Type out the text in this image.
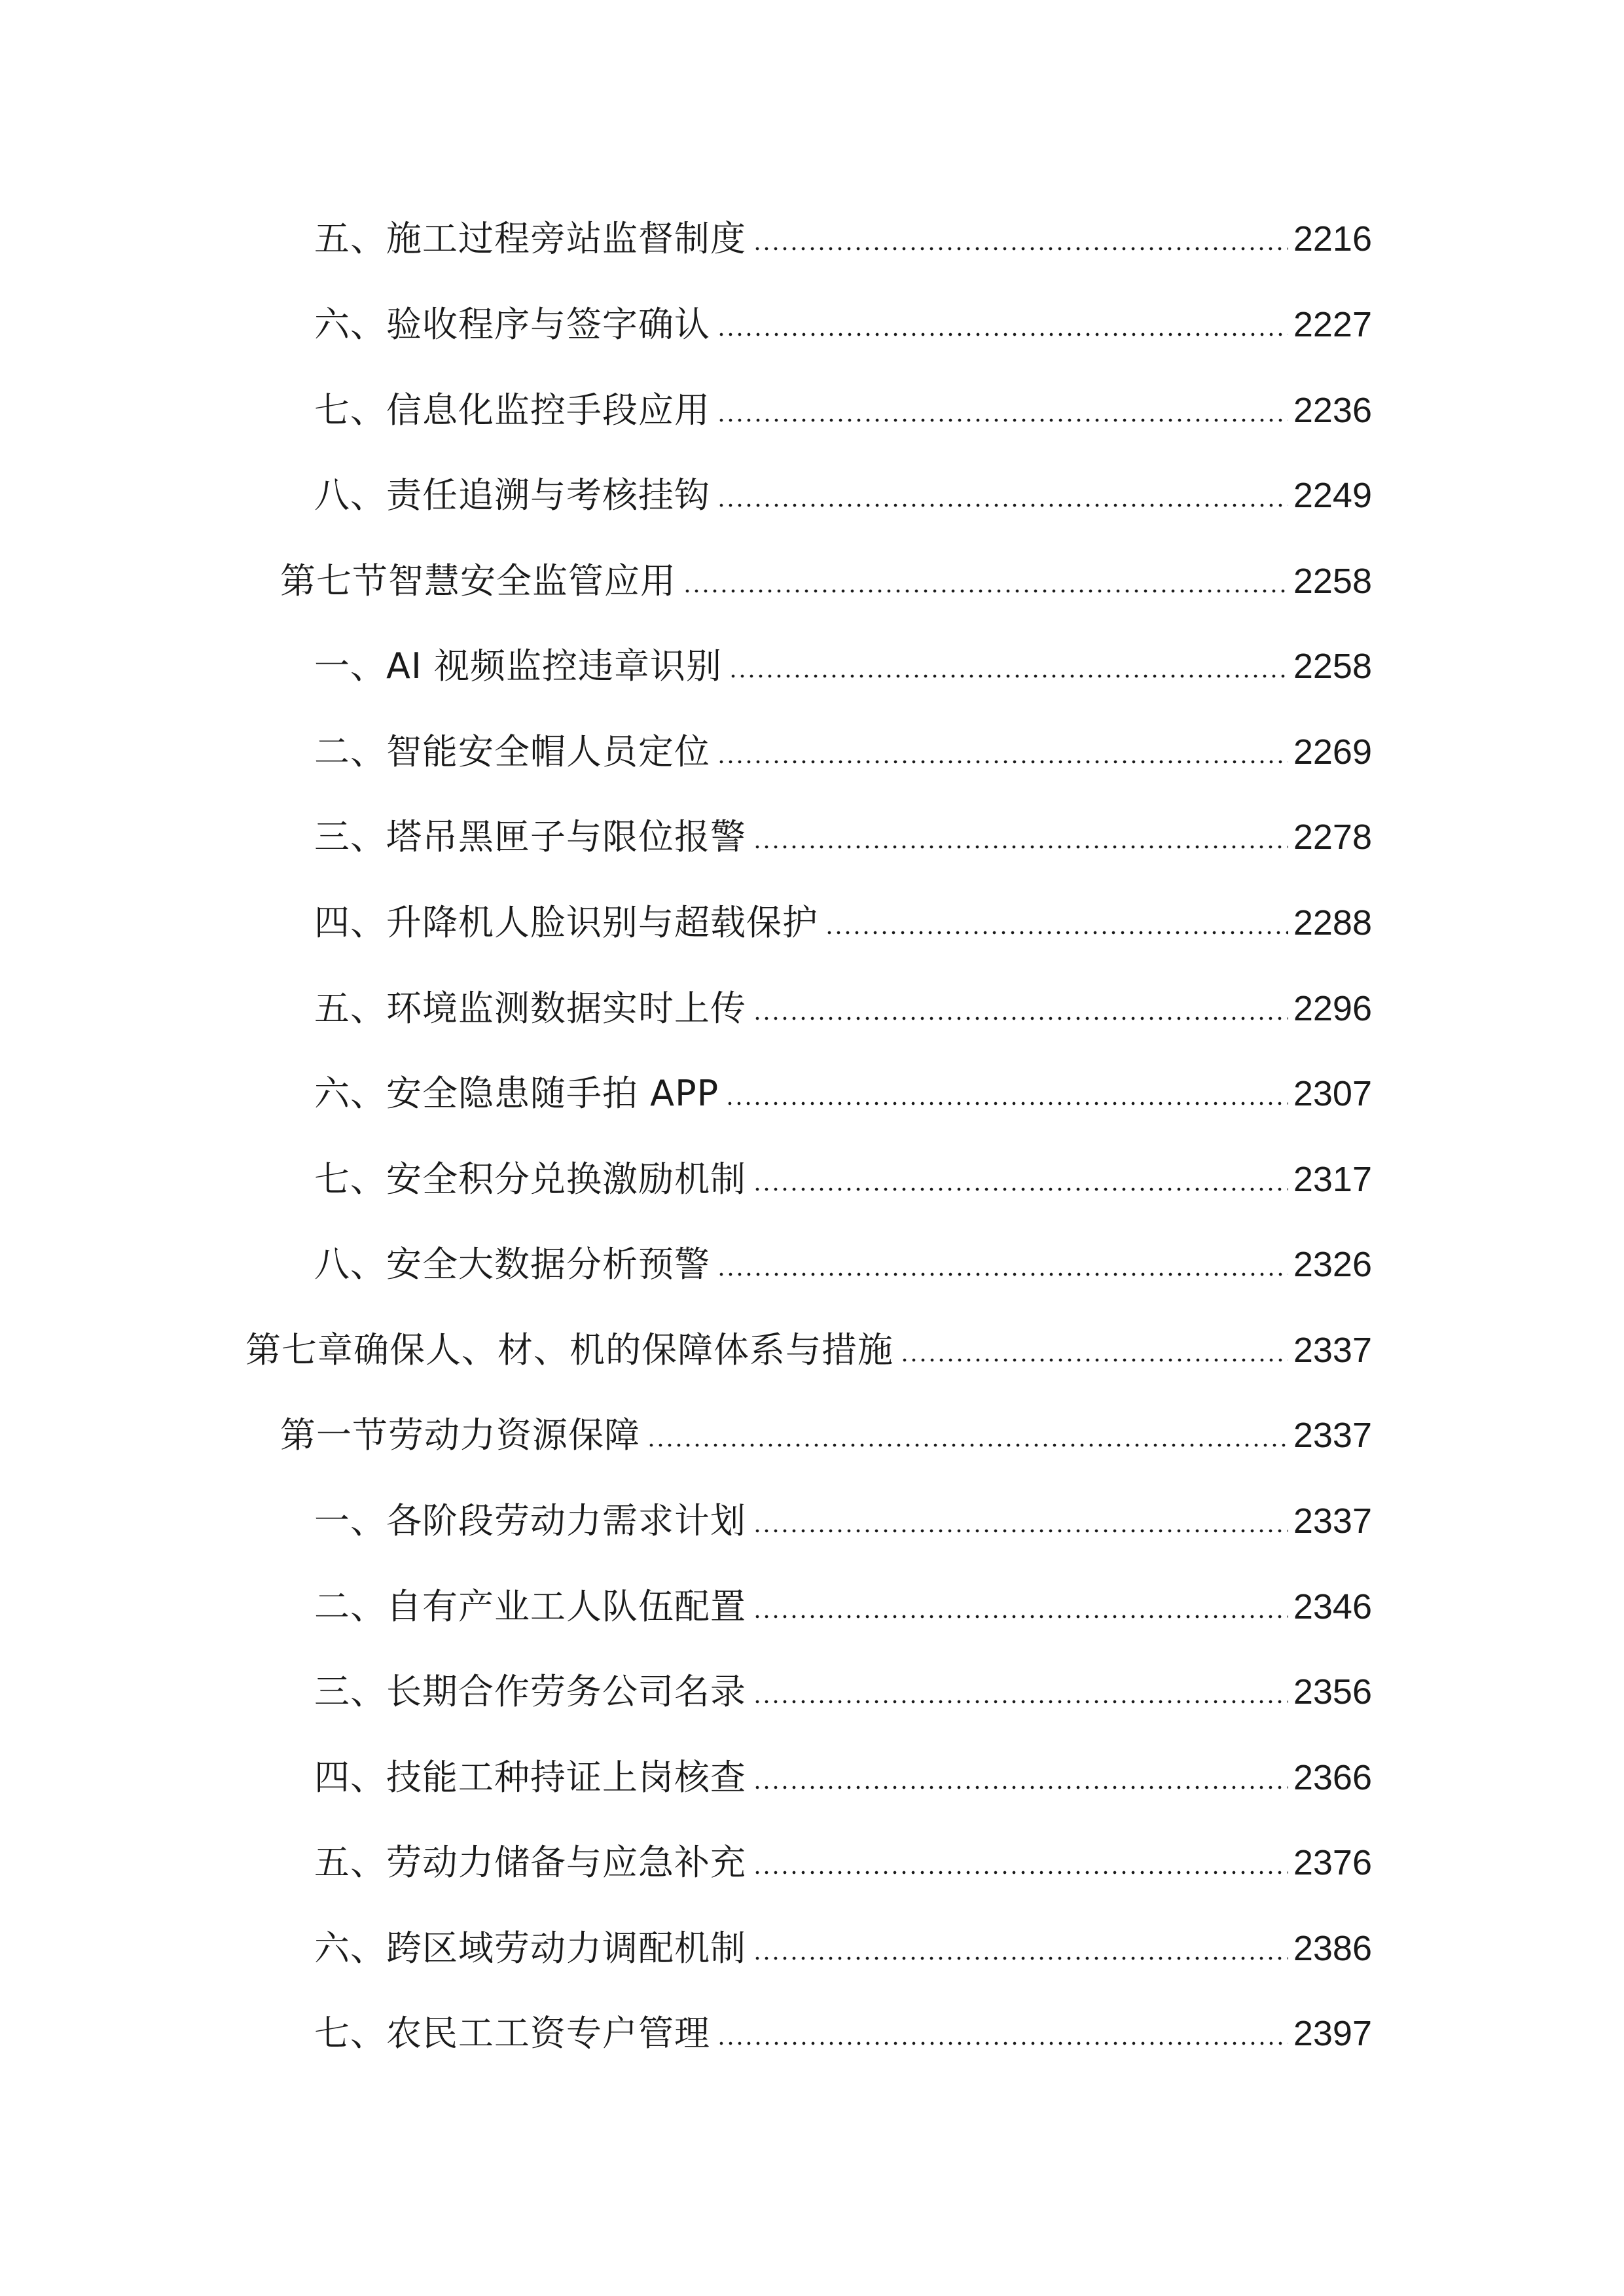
五、施工过程旁站监督制度	2216
六、验收程序与签字确认	2227
七、信息化监控手段应用	2236
八、责任追溯与考核挂钩	2249
第七节智慧安全监管应用	2258
一、AI 视频监控违章识别	2258
二、智能安全帽人员定位	2269
三、塔吊黑匣子与限位报警	2278
四、升降机人脸识别与超载保护	2288
五、环境监测数据实时上传	2296
六、安全隐患随手拍 APP	2307
七、安全积分兑换激励机制	2317
八、安全大数据分析预警	2326
第七章确保人、材、机的保障体系与措施	2337
第一节劳动力资源保障	2337
一、各阶段劳动力需求计划	2337
二、自有产业工人队伍配置	2346
三、长期合作劳务公司名录	2356
四、技能工种持证上岗核查	2366
五、劳动力储备与应急补充	2376
六、跨区域劳动力调配机制	2386
七、农民工工资专户管理	2397
